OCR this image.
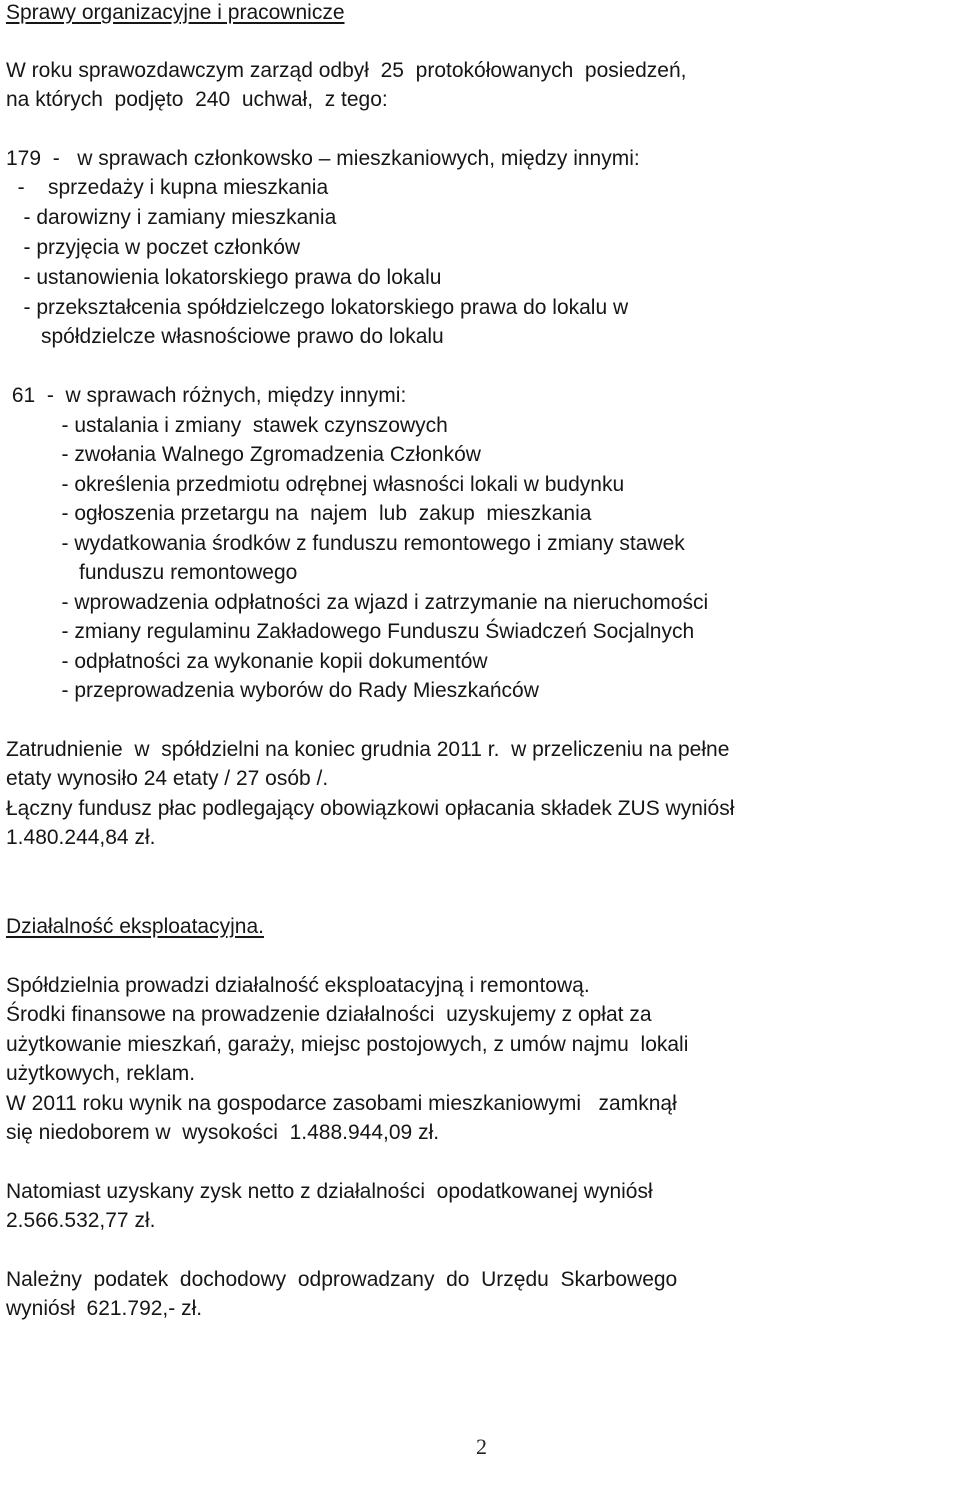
Sprawy organizacyjne i pracownicze
W roku sprawozdawczym zarząd odbył  25  protokółowanych  posiedzeń,
na których  podjęto  240  uchwał,  z tego:
179  -   w sprawach członkowsko – mieszkaniowych, między innymi:
-    sprzedaży i kupna mieszkania
- darowizny i zamiany mieszkania
- przyjęcia w poczet członków
- ustanowienia lokatorskiego prawa do lokalu
- przekształcenia spółdzielczego lokatorskiego prawa do lokalu w
spółdzielcze własnościowe prawo do lokalu
61  -  w sprawach różnych, między innymi:
- ustalania i zmiany  stawek czynszowych
- zwołania Walnego Zgromadzenia Członków
- określenia przedmiotu odrębnej własności lokali w budynku
- ogłoszenia przetargu na  najem  lub  zakup  mieszkania
- wydatkowania środków z funduszu remontowego i zmiany stawek
funduszu remontowego
- wprowadzenia odpłatności za wjazd i zatrzymanie na nieruchomości
- zmiany regulaminu Zakładowego Funduszu Świadczeń Socjalnych
- odpłatności za wykonanie kopii dokumentów
- przeprowadzenia wyborów do Rady Mieszkańców
Zatrudnienie  w  spółdzielni na koniec grudnia 2011 r.  w przeliczeniu na pełne
etaty wynosiło 24 etaty / 27 osób /.
Łączny fundusz płac podlegający obowiązkowi opłacania składek ZUS wyniósł
1.480.244,84 zł.
Działalność eksploatacyjna.
Spółdzielnia prowadzi działalność eksploatacyjną i remontową.
Środki finansowe na prowadzenie działalności  uzyskujemy z opłat za
użytkowanie mieszkań, garaży, miejsc postojowych, z umów najmu  lokali
użytkowych, reklam.
W 2011 roku wynik na gospodarce zasobami mieszkaniowymi   zamknął
się niedoborem w  wysokości  1.488.944,09 zł.
Natomiast uzyskany zysk netto z działalności  opodatkowanej wyniósł
2.566.532,77 zł.
Należny  podatek  dochodowy  odprowadzany  do  Urzędu  Skarbowego
wyniósł  621.792,- zł.
2
